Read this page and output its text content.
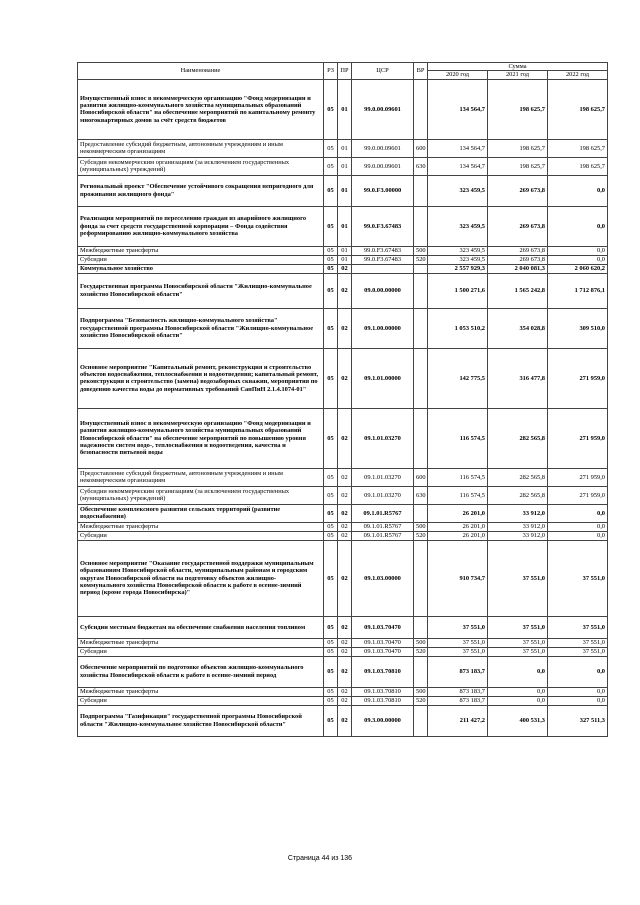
Наименование	РЗ	ПР	ЦСР	ВР	Сумма		
					2020 год	2021 год	2022 год
Имущественный взнос в некоммерческую организацию "Фонд модернизации и развития жилищно-коммунального хозяйства муниципальных образований Новосибирской области" на обеспечение мероприятий по капитальному ремонту многоквартирных домов за счёт средств бюджетов	05	01	99.0.00.09601		134 564,7	198 625,7	198 625,7
Предоставление субсидий бюджетным, автономным учреждениям и иным некоммерческим организациям	05	01	99.0.00.09601	600	134 564,7	198 625,7	198 625,7
Субсидии некоммерческим организациям (за исключением государственных (муниципальных) учреждений)	05	01	99.0.00.09601	630	134 564,7	198 625,7	198 625,7
Региональный проект "Обеспечение устойчивого сокращения непригодного для проживания жилищного фонда"	05	01	99.0.F3.00000		323 459,5	269 673,8	0,0
Реализация мероприятий по переселению граждан из аварийного жилищного фонда за счет средств государственной корпорации – Фонда содействия реформированию жилищно-коммунального хозяйства	05	01	99.0.F3.67483		323 459,5	269 673,8	0,0
Межбюджетные трансферты	05	01	99.0.F3.67483	500	323 459,5	269 673,8	0,0
Субсидии	05	01	99.0.F3.67483	520	323 459,5	269 673,8	0,0
Коммунальное хозяйство	05	02			2 557 929,3	2 040 081,3	2 060 620,2
Государственная программа Новосибирской области "Жилищно-коммунальное хозяйство Новосибирской области"	05	02	09.0.00.00000		1 500 271,6	1 565 242,8	1 712 876,1
Подпрограмма "Безопасность жилищно-коммунального хозяйства" государственной программы Новосибирской области "Жилищно-коммунальное хозяйство Новосибирской области"	05	02	09.1.00.00000		1 053 510,2	354 028,8	309 510,0
Основное мероприятие "Капитальный ремонт, реконструкция и строительство объектов водоснабжения, теплоснабжения и водоотведения; капитальный ремонт, реконструкция и строительство (замена) водозаборных скважин, мероприятия по доведению качества воды до нормативных требований СанПиН 2.1.4.1074-01"	05	02	09.1.01.00000		142 775,5	316 477,8	271 959,0
Имущественный взнос в некоммерческую организацию "Фонд модернизации и развития жилищно-коммунального хозяйства муниципальных образований Новосибирской области" на обеспечение мероприятий по повышению уровня надежности систем водо-, теплоснабжения и водоотведения, качества и безопасности питьевой воды	05	02	09.1.01.03270		116 574,5	282 565,8	271 959,0
Предоставление субсидий бюджетным, автономным учреждениям и иным некоммерческим организациям	05	02	09.1.01.03270	600	116 574,5	282 565,8	271 959,0
Субсидии некоммерческим организациям (за исключением государственных (муниципальных) учреждений)	05	02	09.1.01.03270	630	116 574,5	282 565,8	271 959,0
Обеспечение комплексного развития сельских территорий (развитие водоснабжения)	05	02	09.1.01.R5767		26 201,0	33 912,0	0,0
Межбюджетные трансферты	05	02	09.1.01.R5767	500	26 201,0	33 912,0	0,0
Субсидии	05	02	09.1.01.R5767	520	26 201,0	33 912,0	0,0
Основное мероприятие "Оказание государственной поддержки муниципальным образованиям Новосибирской области, муниципальным районам и городским округам Новосибирской области на подготовку объектов жилищно-коммунального хозяйства Новосибирской области к работе в осенне-зимний период (кроме города Новосибирска)"	05	02	09.1.03.00000		910 734,7	37 551,0	37 551,0
Субсидии местным бюджетам на обеспечение снабжения населения топливом	05	02	09.1.03.70470		37 551,0	37 551,0	37 551,0
Межбюджетные трансферты	05	02	09.1.03.70470	500	37 551,0	37 551,0	37 551,0
Субсидии	05	02	09.1.03.70470	520	37 551,0	37 551,0	37 551,0
Обеспечение мероприятий по подготовке объектов жилищно-коммунального хозяйства Новосибирской области к работе в осенне-зимний период	05	02	09.1.03.70810		873 183,7	0,0	0,0
Межбюджетные трансферты	05	02	09.1.03.70810	500	873 183,7	0,0	0,0
Субсидии	05	02	09.1.03.70810	520	873 183,7	0,0	0,0
Подпрограмма "Газификация" государственной программы Новосибирской области "Жилищно-коммунальное хозяйство Новосибирской области"	05	02	09.3.00.00000		211 427,2	400 531,3	327 511,3
Страница 44 из 136
